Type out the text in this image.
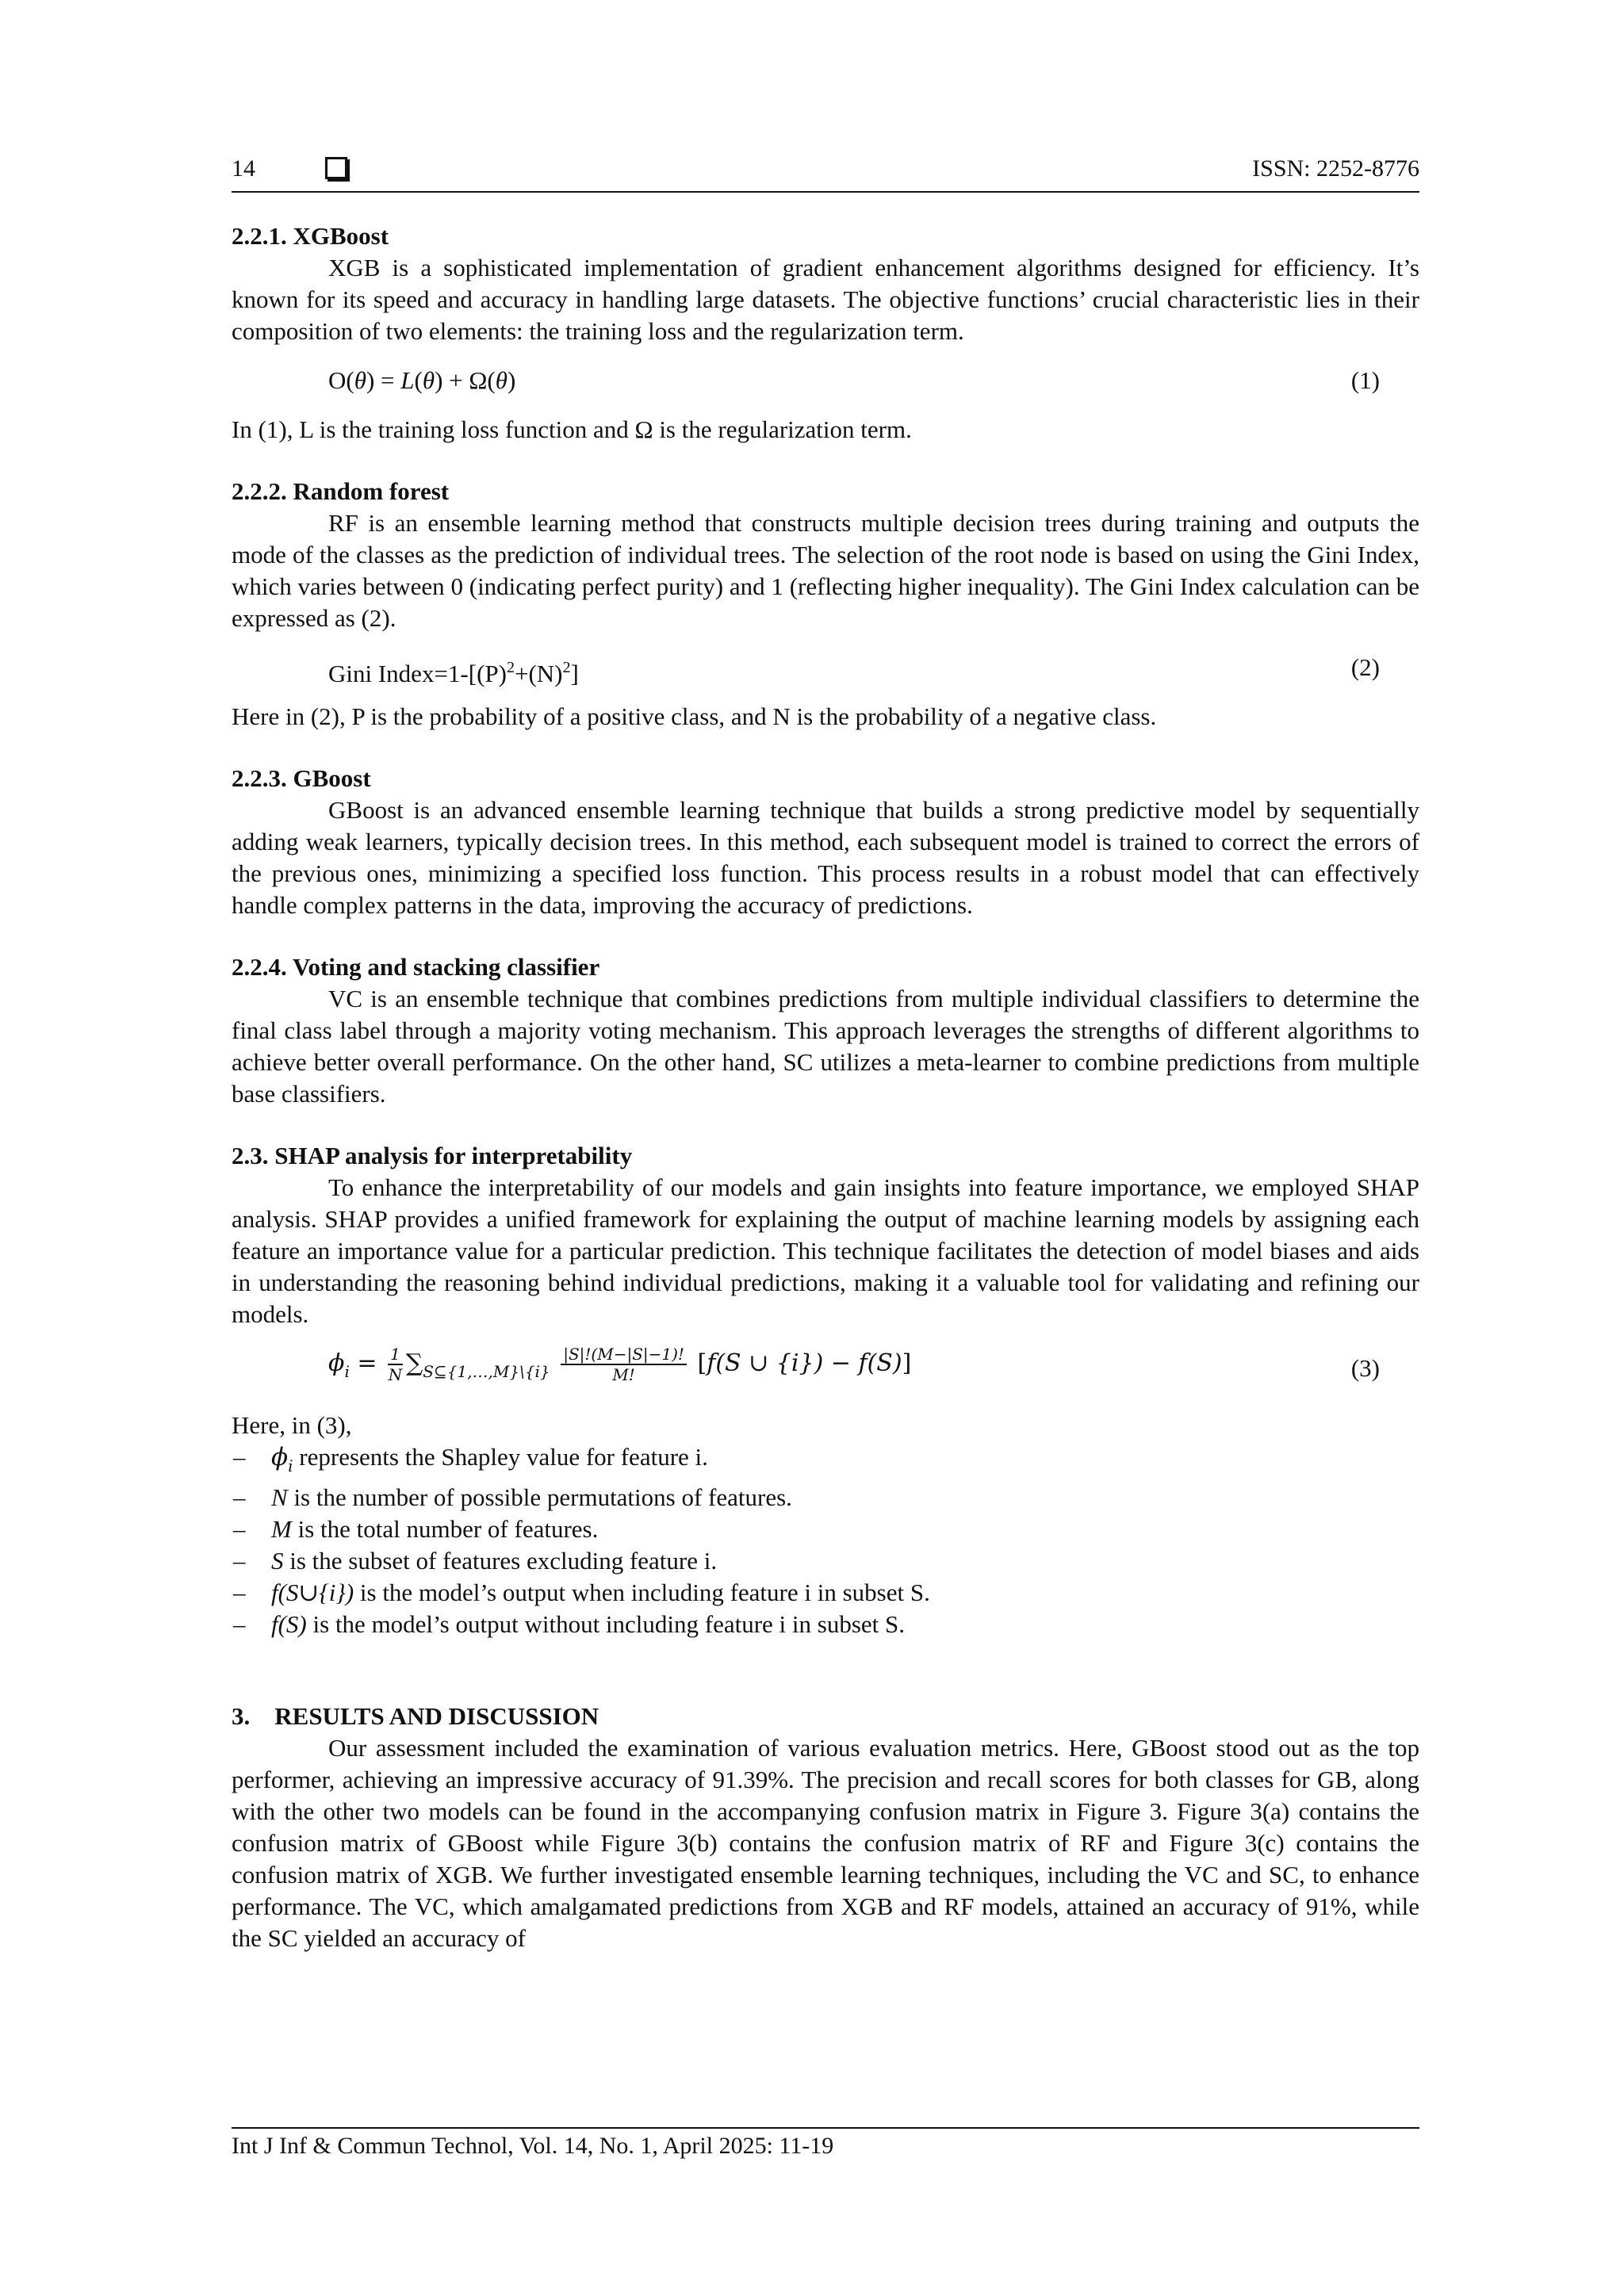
14	ISSN: 2252-8776
2.2.1. XGBoost

XGB is a sophisticated implementation of gradient enhancement algorithms designed for efficiency. It’s known for its speed and accuracy in handling large datasets. The objective functions’ crucial characteristic lies in their composition of two elements: the training loss and the regularization term.

O(θ) = L(θ) + Ω(θ)	(1)

In (1), L is the training loss function and Ω is the regularization term.

2.2.2. Random forest

RF is an ensemble learning method that constructs multiple decision trees during training and outputs the mode of the classes as the prediction of individual trees. The selection of the root node is based on using the Gini Index, which varies between 0 (indicating perfect purity) and 1 (reflecting higher inequality). The Gini Index calculation can be expressed as (2).

Gini $Index=1-[(P)^2+(N)^2]$	(2)

Here in (2), P is the probability of a positive class, and N is the probability of a negative class.

2.2.3. GBoost

GBoost is an advanced ensemble learning technique that builds a strong predictive model by sequentially adding weak learners, typically decision trees. In this method, each subsequent model is trained to correct the errors of the previous ones, minimizing a specified loss function. This process results in a robust model that can effectively handle complex patterns in the data, improving the accuracy of predictions.

2.2.4. Voting and stacking classifier

VC is an ensemble technique that combines predictions from multiple individual classifiers to determine the final class label through a majority voting mechanism. This approach leverages the strengths of different algorithms to achieve better overall performance. On the other hand, SC utilizes a meta-learner to combine predictions from multiple base classifiers.

2.3. SHAP analysis for interpretability

To enhance the interpretability of our models and gain insights into feature importance, we employed SHAP analysis. SHAP provides a unified framework for explaining the output of machine learning models by assigning each feature an importance value for a particular prediction. This technique facilitates the detection of model biases and aids in understanding the reasoning behind individual predictions, making it a valuable tool for validating and refining our models.

$\phi_i = \frac{1}{N} \sum_{S⊆\{1,\dots,M\}\backslash\{i\}} \frac{|S|!(M-|S|-1)!}{M!} [f(S$ ∪ {i}) − f(S)]	(3)

Here, in (3),

– $\phi_i$ represents the Shapley value for feature i.
– N is the number of possible permutations of features.
– M is the total number of features.
– S is the subset of features excluding feature i.
– f(S∪{i}) is the model’s output when including feature i in subset S.
– f(S) is the model’s output without including feature i in subset S.
3.    RESULTS AND DISCUSSION

Our assessment included the examination of various evaluation metrics. Here, GBoost stood out as the top performer, achieving an impressive accuracy of 91.39%. The precision and recall scores for both classes for GB, along with the other two models can be found in the accompanying confusion matrix in Figure 3. Figure 3(a) contains the confusion matrix of GBoost while Figure 3(b) contains the confusion matrix of RF and Figure 3(c) contains the confusion matrix of XGB. We further investigated ensemble learning techniques, including the VC and SC, to enhance performance. The VC, which amalgamated predictions from XGB and RF models, attained an accuracy of 91%, while the SC yielded an accuracy of

Int J Inf & Commun Technol, Vol. 14, No. 1, April 2025: 11-19
